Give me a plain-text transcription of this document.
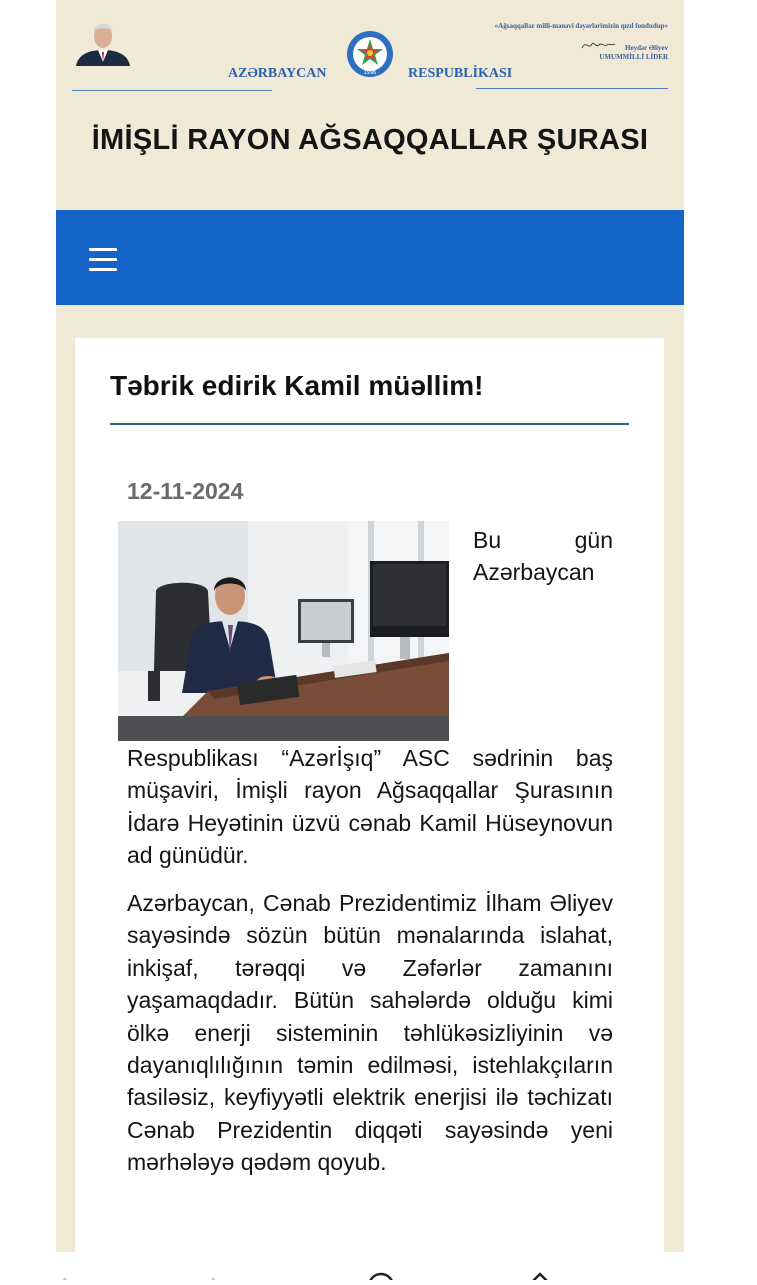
AZƏRBAYCAN	1996 RESPUBLİKASI
«Ağsaqqallar milli-mənəvi dəyərlərimizin qızıl fonduduр»
Heydər Əliyev
UMUMMİLLİ LİDER
İMİŞLİ RAYON AĞSAQQALLAR ŞURASI
Təbrik edirik Kamil müəllim!
12-11-2024
Bu	gün
Azərbaycan

Respublikası “Azərİşıq” ASC sədrinin baş müşaviri, İmişli rayon Ağsaqqallar Şurasının İdarə Heyətinin üzvü cənab Kamil Hüseynovun ad günüdür.

Azərbaycan, Cənab Prezidentimiz İlham Əliyev sayəsində sözün bütün mənalarında islahat, inkişaf, tərəqqi və Zəfərlər zamanını yaşamaqdadır. Bütün sahələrdə olduğu kimi ölkə enerji sisteminin təhlükəsizliyinin və dayanıqlılığının təmin edilməsi, istehlakçıların fasiləsiz, keyfiyyətli elektrik enerjisi ilə təchizatı Cənab Prezidentin diqqəti sayəsində yeni mərhələyə qədəm qoyub.
